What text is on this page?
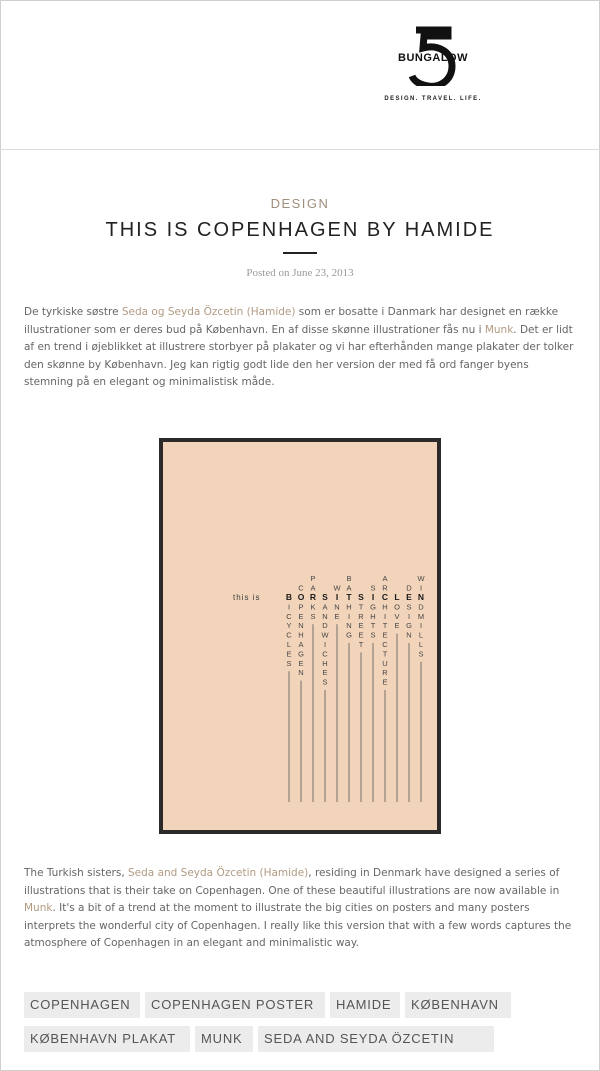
BUNGALOW
DESIGN. TRAVEL. LIFE.
DESIGN
THIS IS COPENHAGEN BY HAMIDE
Posted on June 23, 2013

De tyrkiske søstre Seda og Seyda Özcetin (Hamide) som er bosatte i Danmark har designet en række illustrationer som er deres bud på København. En af disse skønne illustrationer fås nu i Munk. Det er lidt af en trend i øjeblikket at illustrere storbyer på plakater og vi har efterhånden mange plakater der tolker den skønne by København. Jeg kan rigtig godt lide den her version der med få ord fanger byens stemning på en elegant og minimalistisk måde.

this is	B
I
C
Y
C
L
E
S
C
O
P
E
N
H
A
G
E
N
P
A
R
K
S
S
A
N
D
W
I
C
H
E
S
W
I
N
E
B
A
T
H
I
N
G
S
T
R
E
E
T
S
I
G
H
T
S
A
R
C
H
I
T
E
C
T
U
R
E
L
O
V
E
D
E
S
I
G
N
W
I
N
D
M
I
L
L
S

The Turkish sisters, Seda and Seyda Özcetin (Hamide), residing in Denmark have designed a series of illustrations that is their take on Copenhagen. One of these beautiful illustrations are now available in Munk. It's a bit of a trend at the moment to illustrate the big cities on posters and many posters interprets the wonderful city of Copenhagen. I really like this version that with a few words captures the atmosphere of Copenhagen in an elegant and minimalistic way.

COPENHAGEN	COPENHAGEN POSTER	HAMIDE	KØBENHAVN
KØBENHAVN PLAKAT	MUNK	SEDA AND SEYDA ÖZCETIN
